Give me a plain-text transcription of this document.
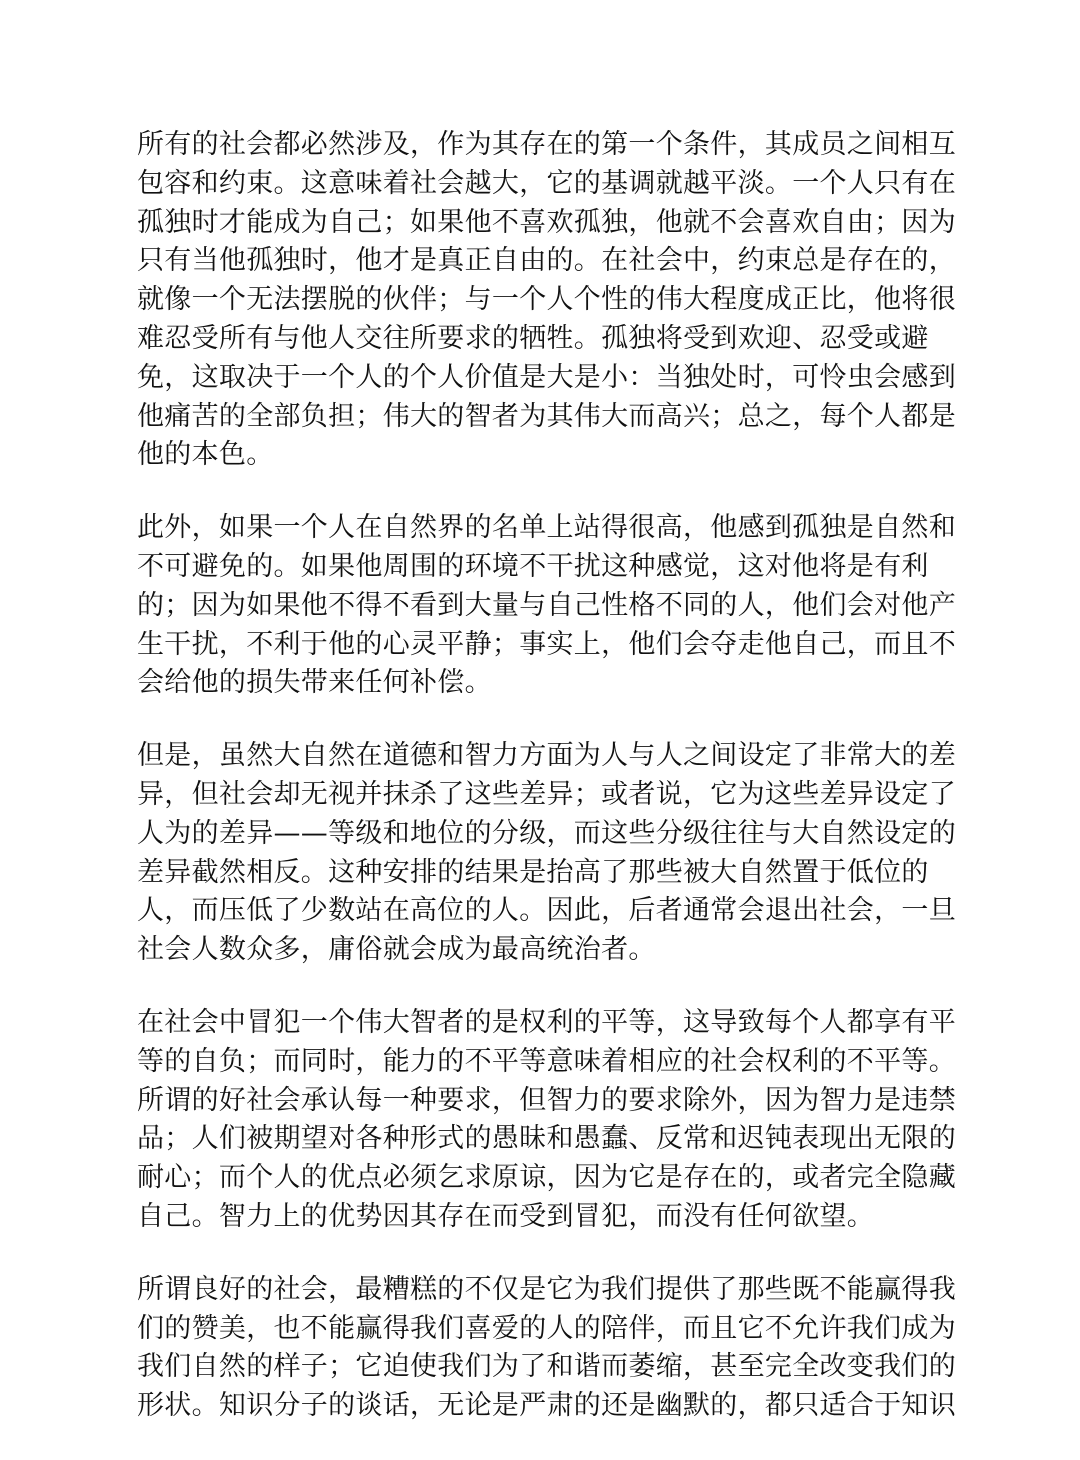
所有的社会都必然涉及，作为其存在的第一个条件，其成员之间相互
包容和约束。这意味着社会越大，它的基调就越平淡。一个人只有在
孤独时才能成为自己；如果他不喜欢孤独，他就不会喜欢自由；因为
只有当他孤独时，他才是真正自由的。在社会中，约束总是存在的，
就像一个无法摆脱的伙伴；与一个人个性的伟大程度成正比，他将很
难忍受所有与他人交往所要求的牺牲。孤独将受到欢迎、忍受或避
免，这取决于一个人的个人价值是大是小：当独处时，可怜虫会感到
他痛苦的全部负担；伟大的智者为其伟大而高兴；总之，每个人都是
他的本色。

此外，如果一个人在自然界的名单上站得很高，他感到孤独是自然和
不可避免的。如果他周围的环境不干扰这种感觉，这对他将是有利
的；因为如果他不得不看到大量与自己性格不同的人，他们会对他产
生干扰，不利于他的心灵平静；事实上，他们会夺走他自己，而且不
会给他的损失带来任何补偿。

但是，虽然大自然在道德和智力方面为人与人之间设定了非常大的差
异，但社会却无视并抹杀了这些差异；或者说，它为这些差异设定了
人为的差异——等级和地位的分级，而这些分级往往与大自然设定的
差异截然相反。这种安排的结果是抬高了那些被大自然置于低位的
人，而压低了少数站在高位的人。因此，后者通常会退出社会，一旦
社会人数众多，庸俗就会成为最高统治者。

在社会中冒犯一个伟大智者的是权利的平等，这导致每个人都享有平
等的自负；而同时，能力的不平等意味着相应的社会权利的不平等。
所谓的好社会承认每一种要求，但智力的要求除外，因为智力是违禁
品；人们被期望对各种形式的愚昧和愚蠢、反常和迟钝表现出无限的
耐心；而个人的优点必须乞求原谅，因为它是存在的，或者完全隐藏
自己。智力上的优势因其存在而受到冒犯，而没有任何欲望。

所谓良好的社会，最糟糕的不仅是它为我们提供了那些既不能赢得我
们的赞美，也不能赢得我们喜爱的人的陪伴，而且它不允许我们成为
我们自然的样子；它迫使我们为了和谐而萎缩，甚至完全改变我们的
形状。知识分子的谈话，无论是严肃的还是幽默的，都只适合于知识
